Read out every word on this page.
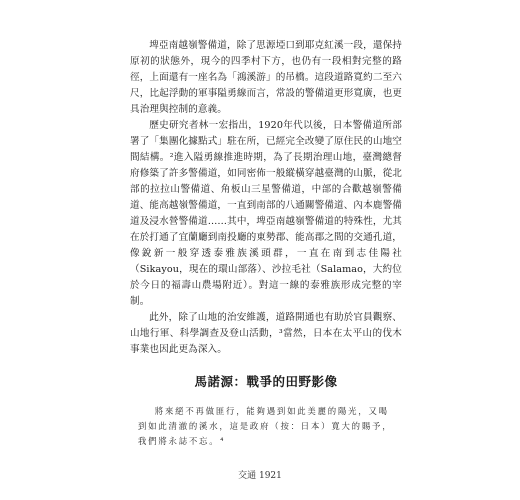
埤亞南越嶺警備道，除了思源埡口到耶克紅溪一段，還保持原初的狀態外，現今的四季村下方，也仍有一段相對完整的路徑，上面還有一座名為「鴻溪游」的吊橋。這段道路寬約二至六尺，比起浮動的軍事隘勇線而言，常設的警備道更形寬廣，也更具治理與控制的意義。

歷史研究者林一宏指出，1920年代以後，日本警備道所部署了「集團化據點式」駐在所，已經完全改變了原住民的山地空間結構。²進入隘勇線推進時期，為了長期治理山地，臺灣總督府修築了許多警備道，如同密佈一般縱橫穿越臺灣的山脈，從北部的拉拉山警備道、角板山三星警備道，中部的合歡越嶺警備道、能高越嶺警備道，一直到南部的八通關警備道、內本鹿警備道及浸水營警備道……其中，埤亞南越嶺警備道的特殊性，尤其在於打通了宜蘭廳到南投廳的東勢郡、能高郡之間的交通孔道，像銳新一般穿透泰雅族溪頭群，一直在南到志佳陽社（Sikayou，現在的環山部落）、沙拉毛社（Salamao，大約位於今日的福壽山農場附近）。對這一線的泰雅族形成完整的宰制。

此外，除了山地的治安維護，道路開通也有助於官員觀察、山地行軍、科學調查及登山活動，³當然，日本在太平山的伐木事業也因此更為深入。

馬諾源：戰爭的田野影像

將來絕不再做匪行，能夠遇到如此美麗的陽光，又喝到如此清澈的溪水，這是政府（按：日本）寬大的賜予，我們將永誌不忘。⁴

交通 1921
